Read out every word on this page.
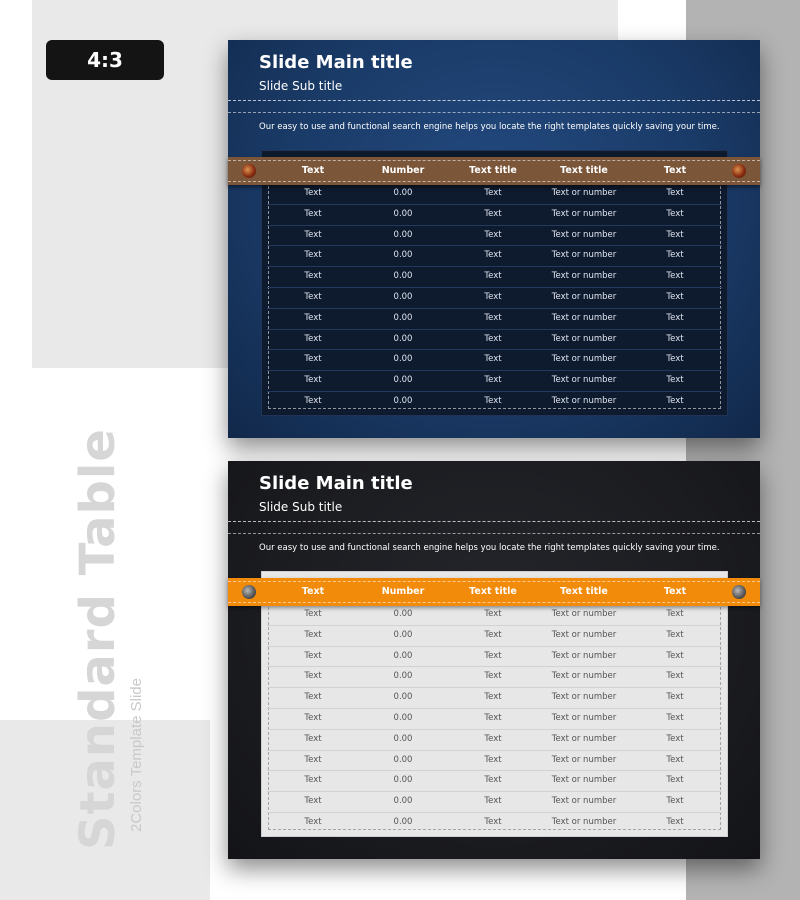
4:3
Standard Table 2Colors Template Slide
Slide Main title
Slide Sub title
Our easy to use and functional search engine helps you locate the right templates quickly saving your time.
Text	Number	Text title	Text title	Text
Text	0.00	Text	Text or number	Text
Text	0.00	Text	Text or number	Text
Text	0.00	Text	Text or number	Text
Text	0.00	Text	Text or number	Text
Text	0.00	Text	Text or number	Text
Text	0.00	Text	Text or number	Text
Text	0.00	Text	Text or number	Text
Text	0.00	Text	Text or number	Text
Text	0.00	Text	Text or number	Text
Text	0.00	Text	Text or number	Text
Text	0.00	Text	Text or number	Text
Slide Main title
Slide Sub title
Our easy to use and functional search engine helps you locate the right templates quickly saving your time.
Text	Number	Text title	Text title	Text
Text	0.00	Text	Text or number	Text
Text	0.00	Text	Text or number	Text
Text	0.00	Text	Text or number	Text
Text	0.00	Text	Text or number	Text
Text	0.00	Text	Text or number	Text
Text	0.00	Text	Text or number	Text
Text	0.00	Text	Text or number	Text
Text	0.00	Text	Text or number	Text
Text	0.00	Text	Text or number	Text
Text	0.00	Text	Text or number	Text
Text	0.00	Text	Text or number	Text
